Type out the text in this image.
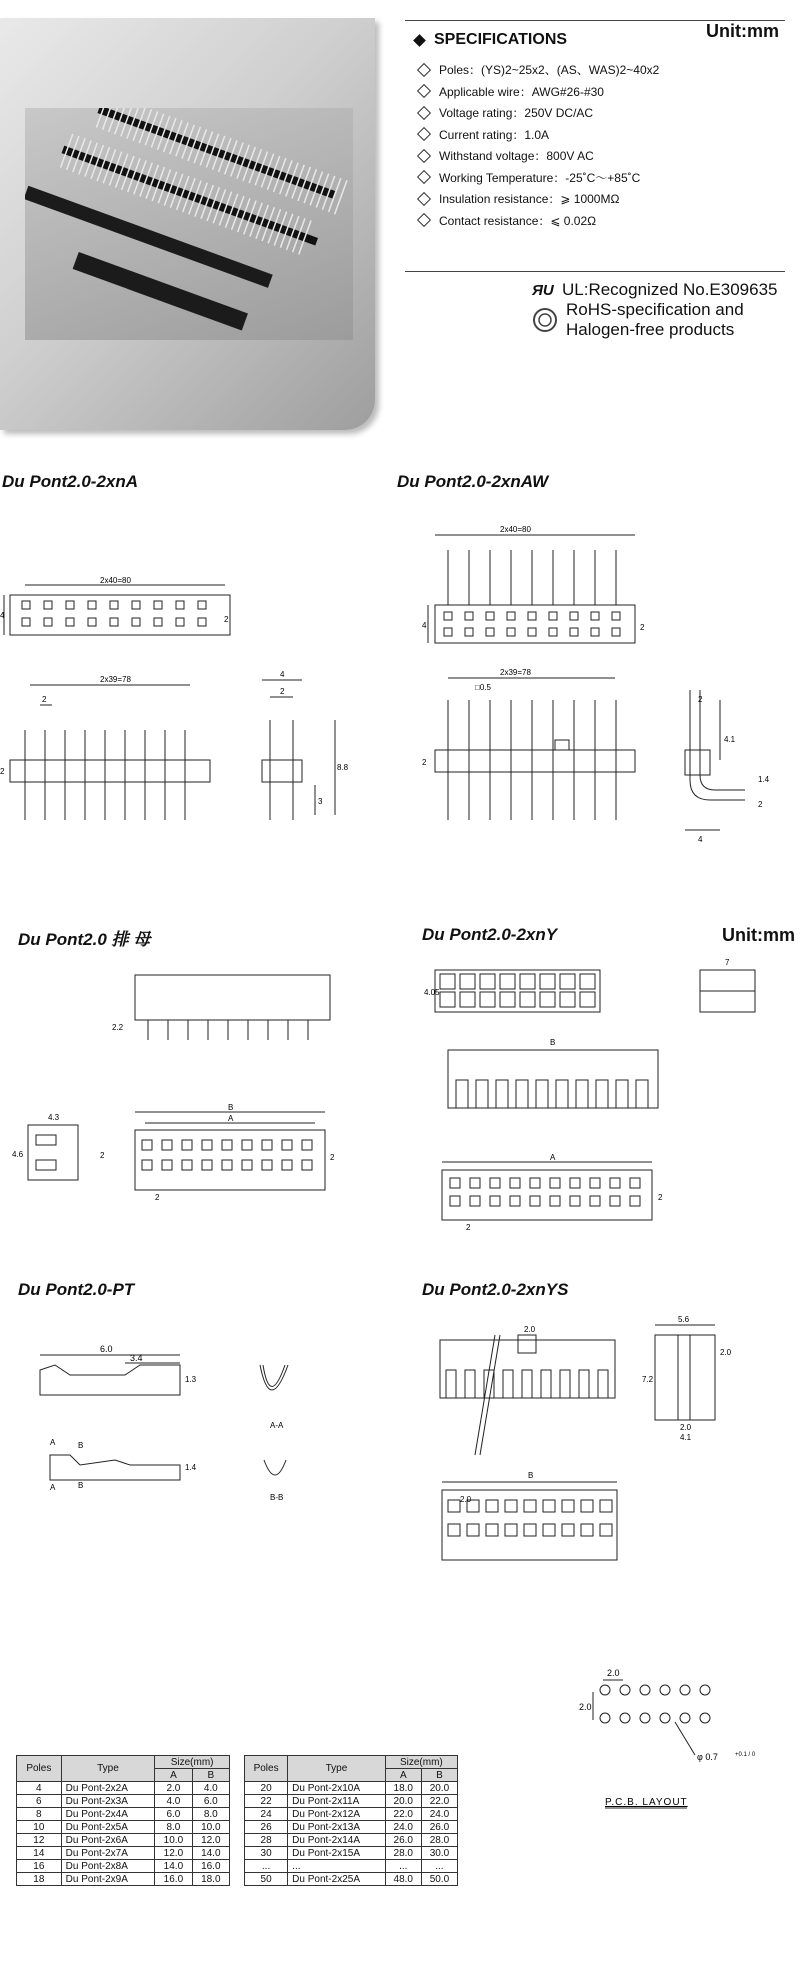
Unit:mm
SPECIFICATIONS
Poles：(YS)2~25x2、(AS、WAS)2~40x2
Applicable wire：AWG#26-#30
Voltage rating：250V DC/AC
Current rating：1.0A
Withstand voltage：800V AC
Working Temperature：-25˚C～+85˚C
Insulation resistance：⩾ 1000MΩ
Contact resistance：⩽ 0.02Ω
ЯU UL:Recognized No.E309635
RoHS-specification and
Halogen-free products
Du Pont2.0-2xnA	Du Pont2.0-2xnAW
Du Pont2.0 排 母	Du Pont2.0-2xnY	Unit:mm
Du Pont2.0-PT	Du Pont2.0-2xnYS
2x40=80
4	2
2x39=78
2
2
4
2
3
8.8
2x40=80
4	2
2x39=78
□0.5
2
2
4.1
1.4
2
4
2.2
4.3
4.6
B
A
2
2
2
4.05
7
B
A
2
2
6.0
3.4
1.3
1.4
A-A
B-B
A	B
A	B
2.0
5.6
2.0
7.2
2.0
4.1
B
2.0
Poles	Type	Size(mm)	
		A	B
4	Du Pont-2x2A	2.0	4.0
6	Du Pont-2x3A	4.0	6.0
8	Du Pont-2x4A	6.0	8.0
10	Du Pont-2x5A	8.0	10.0
12	Du Pont-2x6A	10.0	12.0
14	Du Pont-2x7A	12.0	14.0
16	Du Pont-2x8A	14.0	16.0
18	Du Pont-2x9A	16.0	18.0
Poles	Type	Size(mm)	
		A	B
20	Du Pont-2x10A	18.0	20.0
22	Du Pont-2x11A	20.0	22.0
24	Du Pont-2x12A	22.0	24.0
26	Du Pont-2x13A	24.0	26.0
28	Du Pont-2x14A	26.0	28.0
30	Du Pont-2x15A	28.0	30.0
...	...	...	...
50	Du Pont-2x25A	48.0	50.0
2.0
2.0
φ 0.7	+0.1 / 0
P.C.B. LAYOUT
